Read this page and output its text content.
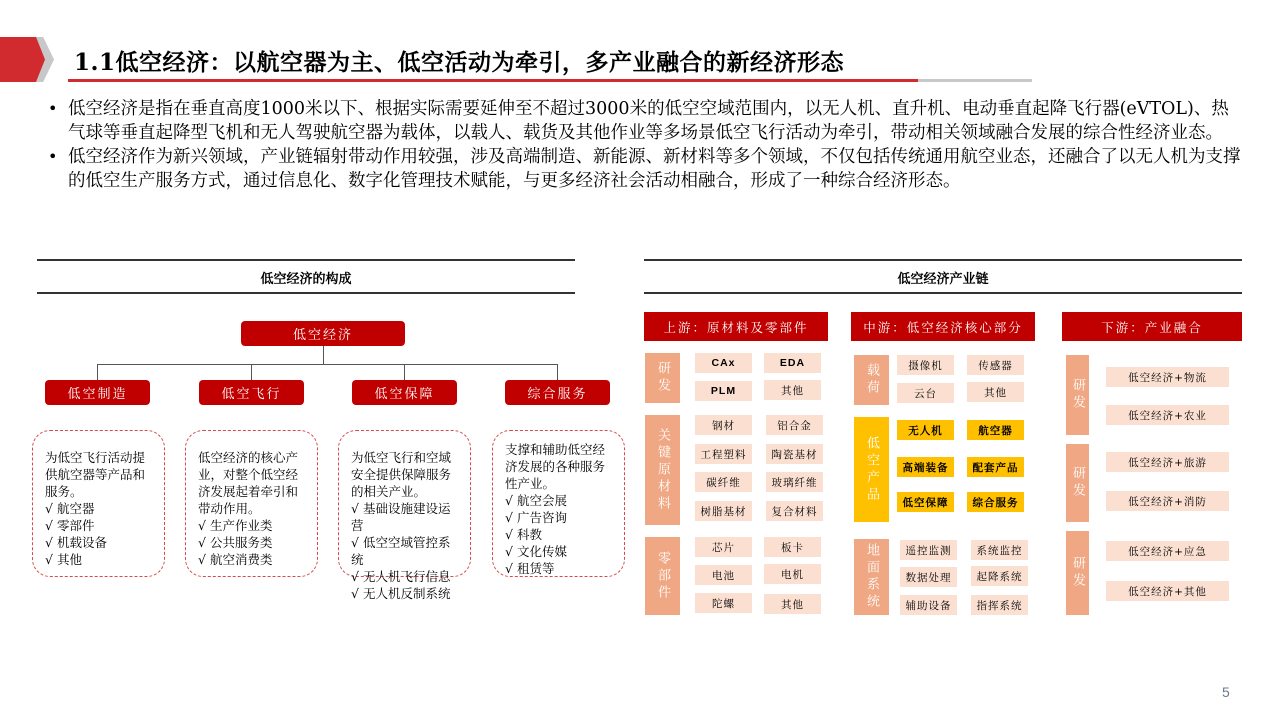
1.1低空经济：以航空器为主、低空活动为牵引，多产业融合的新经济形态
• 低空经济是指在垂直高度1000米以下、根据实际需要延伸至不超过3000米的低空空域范围内，以无人机、直升机、电动垂直起降飞行器(eVTOL)、热气球等垂直起降型飞机和无人驾驶航空器为载体，以载人、载货及其他作业等多场景低空飞行活动为牵引，带动相关领域融合发展的综合性经济业态。
• 低空经济作为新兴领域，产业链辐射带动作用较强，涉及高端制造、新能源、新材料等多个领域，不仅包括传统通用航空业态，还融合了以无人机为支撑的低空生产服务方式，通过信息化、数字化管理技术赋能，与更多经济社会活动相融合，形成了一种综合经济形态。
低空经济的构成
低空经济
低空制造	低空飞行	低空保障	综合服务
为低空飞行活动提供航空器等产品和服务。
√ 航空器
√ 零部件
√ 机载设备
√ 其他
低空经济的核心产业，对整个低空经济发展起着牵引和带动作用。
√ 生产作业类
√ 公共服务类
√ 航空消费类
为低空飞行和空域安全提供保障服务的相关产业。
√ 基础设施建设运营
√ 低空空域管控系统
√ 无人机飞行信息
√ 无人机反制系统
支撑和辅助低空经济发展的各种服务性产业。
√ 航空会展
√ 广告咨询
√ 科教
√ 文化传媒
√ 租赁等
低空经济产业链
上游：原材料及零部件	中游：低空经济核心部分	下游：产业融合
研发	CAx	EDA
PLM	其他
关键原材料
钢材	铝合金
工程塑料	陶瓷基材
碳纤维	玻璃纤维
树脂基材	复合材料
零部件
芯片	板卡
电池	电机
陀螺	其他
载荷	摄像机	传感器
云台	其他
低空产品
无人机	航空器
高端装备	配套产品
低空保障	综合服务
地面系统	遥控监测	系统监控
数据处理	起降系统
辅助设备	指挥系统
研发
低空经济+物流
低空经济+农业
研发
低空经济+旅游
低空经济+消防
研发
低空经济+应急
低空经济+其他
5
